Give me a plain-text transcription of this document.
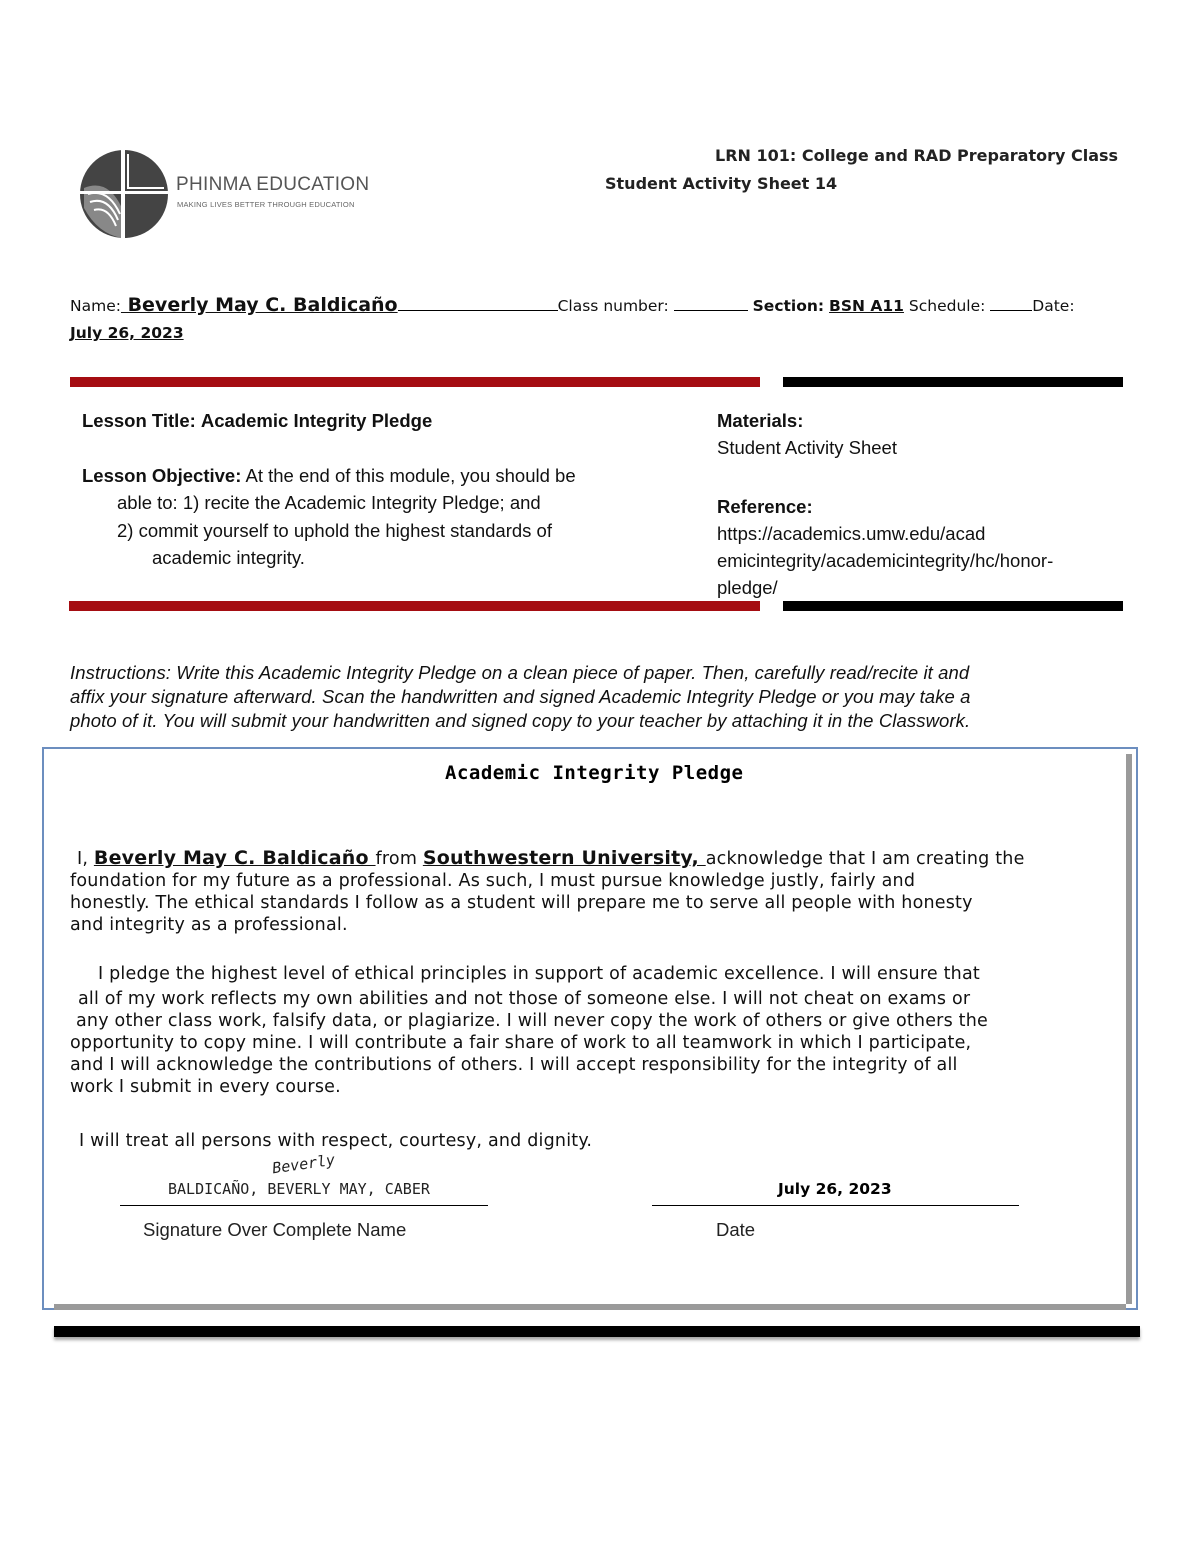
PHINMA EDUCATION
MAKING LIVES BETTER THROUGH EDUCATION
LRN 101: College and RAD Preparatory Class
Student Activity Sheet 14
Name: Beverly May C. Baldicaño	Class number:	Section: BSN A11 Schedule:	Date:
July 26, 2023
Lesson Title: Academic Integrity Pledge
Lesson Objective: At the end of this module, you should be
able to: 1) recite the Academic Integrity Pledge; and
2) commit yourself to uphold the highest standards of
academic integrity.
Materials:
Student Activity Sheet
Reference:
https://academics.umw.edu/acad
emicintegrity/academicintegrity/hc/honor-
pledge/
Instructions: Write this Academic Integrity Pledge on a clean piece of paper. Then, carefully read/recite it and
affix your signature afterward. Scan the handwritten and signed Academic Integrity Pledge or you may take a
photo of it. You will submit your handwritten and signed copy to your teacher by attaching it in the Classwork.
Academic Integrity Pledge
I, Beverly May C. Baldicaño from Southwestern University, acknowledge that I am creating the
foundation for my future as a professional. As such, I must pursue knowledge justly, fairly and
honestly. The ethical standards I follow as a student will prepare me to serve all people with honesty
and integrity as a professional.
I pledge the highest level of ethical principles in support of academic excellence. I will ensure that
all of my work reflects my own abilities and not those of someone else. I will not cheat on exams or
any other class work, falsify data, or plagiarize. I will never copy the work of others or give others the
opportunity to copy mine. I will contribute a fair share of work to all teamwork in which I participate,
and I will acknowledge the contributions of others. I will accept responsibility for the integrity of all
work I submit in every course.
I will treat all persons with respect, courtesy, and dignity.
Beverly
BALDICAÑO, BEVERLY MAY, CABER	July 26, 2023
Signature Over Complete Name	Date
